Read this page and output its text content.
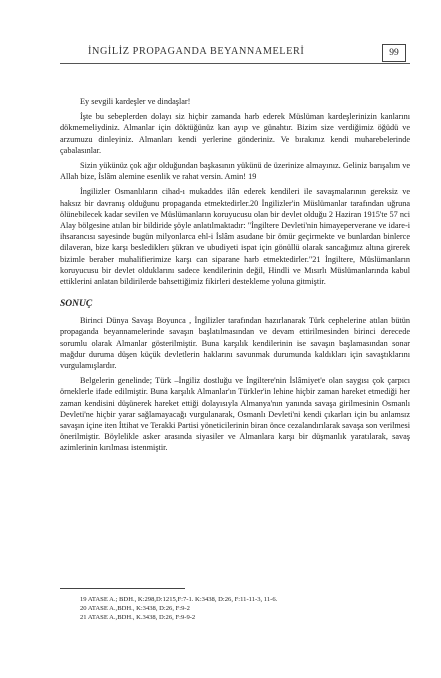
İNGİLİZ PROPAGANDA BEYANNAMELERİ	99

Ey sevgili kardeşler ve dindaşlar!

İşte bu sebeplerden dolayı siz hiçbir zamanda harb ederek Müslüman kardeşlerinizin kanlarını dökmemeliydiniz. Almanlar için döktüğünüz kan ayıp ve günahtır. Bizim size verdiğimiz öğüdü ve arzumuzu dinleyiniz. Almanları kendi yerlerine gönderiniz. Ve bırakınız kendi muharebelerinde çabalasınlar.

Sizin yükünüz çok ağır olduğundan başkasının yükünü de üzerinize almayınız. Geliniz barışalım ve Allah bize, İslâm alemine esenlik ve rahat versin. Amin! 19

İngilizler Osmanlıların cihad-ı mukaddes ilân ederek kendileri ile savaşmalarının gereksiz ve haksız bir davranış olduğunu propaganda etmektedirler.20 İngilizler'in Müslümanlar tarafından uğruna ölünebilecek kadar seviIen ve Müslümanların koruyucusu olan bir devlet olduğu 2 Haziran 1915'te 57 nci Alay bölgesine atılan bir bildiride şöyle anlatılmaktadır: "İngiltere Devleti'nin himayeperverane ve idare-i ihsarancısı sayesinde bugün milyonlarca ehl-i İslâm asudane bir ömür geçirmekte ve bunlardan binlerce dilaveran, bize karşı beslediklerı şükran ve ubudiyeti ispat için gönüllü olarak sancağımız altına girerek bizimle beraber muhalifierimize karşı can siparane harb etmektedirler."21 İngiltere, Müslümanların koruyucusu bir devlet olduklarını sadece kendilerinin değil, Hindli ve Mısırlı Müslümanlarında kabul ettiklerini anlatan bildirilerde bahsettiğimiz fikirleri destekleme yoluna gitmiştir.

SONUÇ

Birinci Dünya Savaşı Boyunca , İngilizler tarafından hazırlanarak Türk cephelerine atılan bütün propaganda beyannamelerinde savaşın başlatılmasından ve devam ettirilmesinden birinci derecede sorumlu olarak Almanlar gösterilmiştir. Buna karşılık kendilerinin ise savaşın başlamasından sonar mağdur duruma düşen küçük devletlerin haklarını savunmak durumunda kaldıkları için savaştıklarını vurgulamışlardır.

Belgelerin genelinde; Türk –İngiliz dostluğu ve İngiltere'nin İslâmiyet'e olan saygısı çok çarpıcı örneklerle ifade edilmiştir. Buna karşılık Almanlar'ın Türkler'in lehine hiçbir zaman hareket etmediği her zaman kendisini düşünerek hareket ettiği dolayısıyla Almanya'nın yanında savaşa girilmesinin Osmanlı Devleti'ne hiçbir yarar sağlamayacağı vurgulanarak, Osmanlı Devleti'ni kendi çıkarları için bu anlamsız savaşın içine iten İttihat ve Terakki Partisi yöneticilerinin biran önce cezalandırılarak savaşa son verilmesi önerilmiştir. Böylelikle asker arasında siyasiler ve Almanlara karşı bir düşmanlık yaratılarak, savaş azimlerinin kırılması istenmiştir.

19 ATASE A.; BDH., K:298,D:1215,F:7-1. K:3438, D:26, F:11-11-3, 11-6.

20 ATASE A.,BDH., K:3438, D:26, F:9-2

21 ATASE A.,BDH., K.3438, D:26, F:9-9-2
